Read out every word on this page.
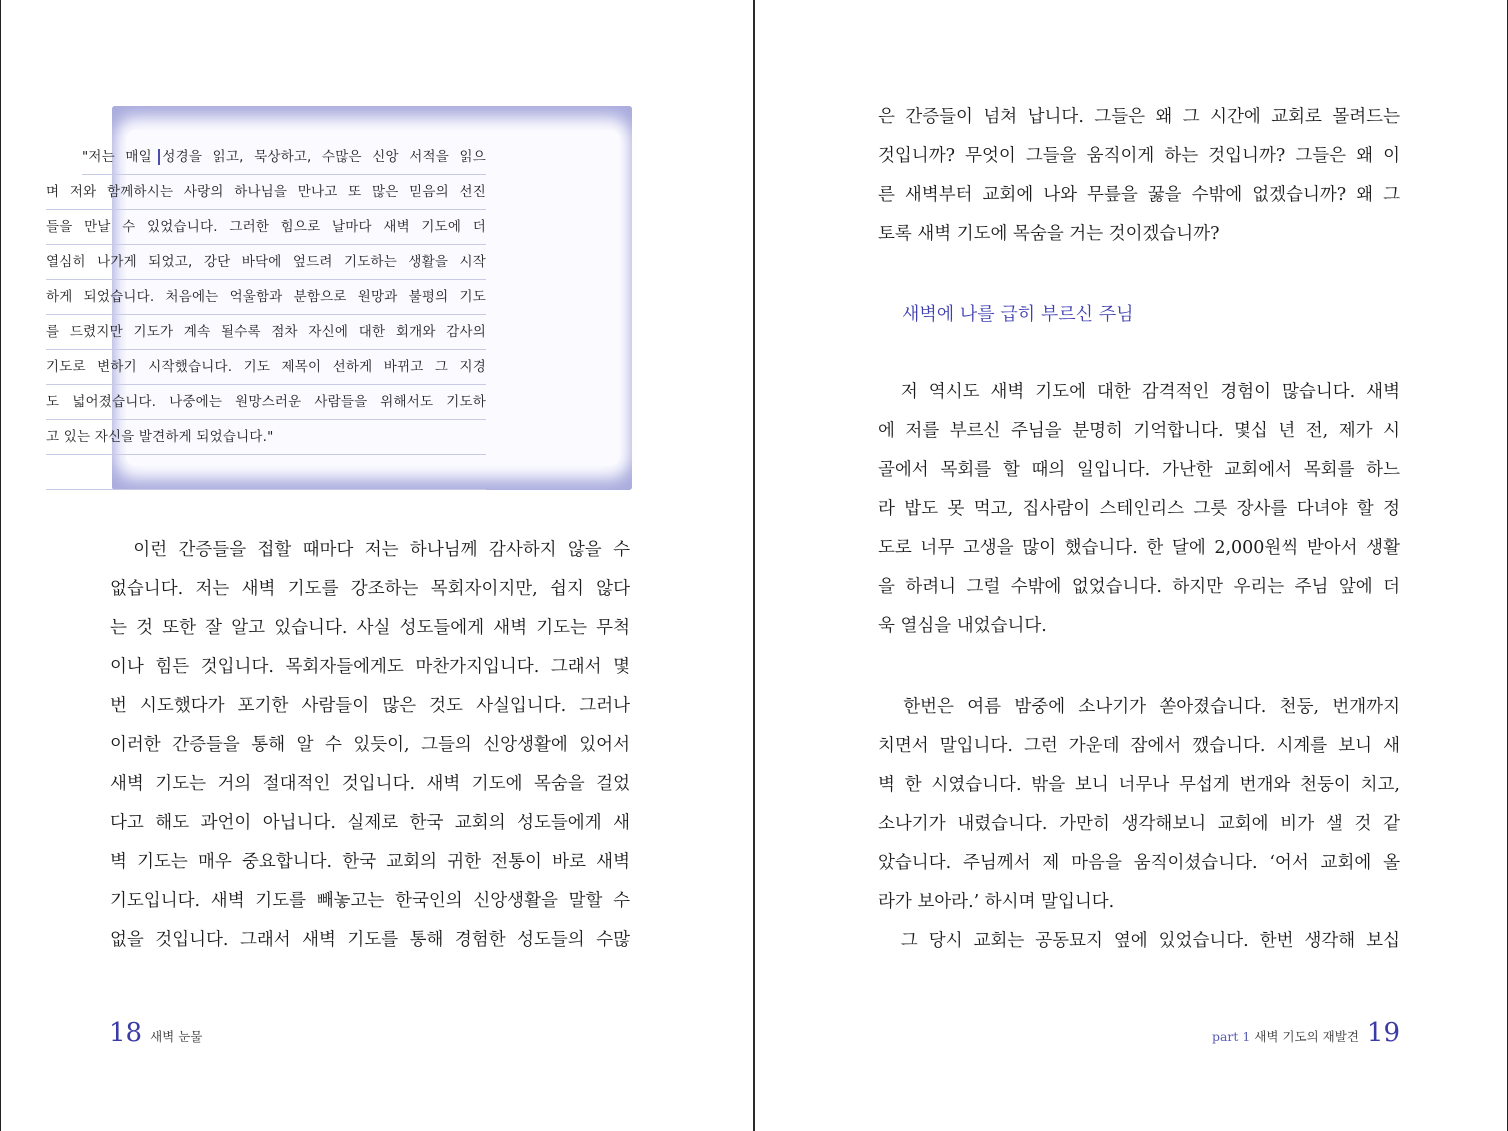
"저는 매일 성경을 읽고, 묵상하고, 수많은 신앙 서적을 읽으
며 저와 함께하시는 사랑의 하나님을 만나고 또 많은 믿음의 선진
들을 만날 수 있었습니다. 그러한 힘으로 날마다 새벽 기도에 더
열심히 나가게 되었고, 강단 바닥에 엎드려 기도하는 생활을 시작
하게 되었습니다. 처음에는 억울함과 분함으로 원망과 불평의 기도
를 드렸지만 기도가 계속 될수록 점차 자신에 대한 회개와 감사의
기도로 변하기 시작했습니다. 기도 제목이 선하게 바뀌고 그 지경
도 넓어졌습니다. 나중에는 원망스러운 사람들을 위해서도 기도하
고 있는 자신을 발견하게 되었습니다."
　이런 간증들을 접할 때마다 저는 하나님께 감사하지 않을 수
없습니다. 저는 새벽 기도를 강조하는 목회자이지만, 쉽지 않다
는 것 또한 잘 알고 있습니다. 사실 성도들에게 새벽 기도는 무척
이나 힘든 것입니다. 목회자들에게도 마찬가지입니다. 그래서 몇
번 시도했다가 포기한 사람들이 많은 것도 사실입니다. 그러나
이러한 간증들을 통해 알 수 있듯이, 그들의 신앙생활에 있어서
새벽 기도는 거의 절대적인 것입니다. 새벽 기도에 목숨을 걸었
다고 해도 과언이 아닙니다. 실제로 한국 교회의 성도들에게 새
벽 기도는 매우 중요합니다. 한국 교회의 귀한 전통이 바로 새벽
기도입니다. 새벽 기도를 빼놓고는 한국인의 신앙생활을 말할 수
없을 것입니다. 그래서 새벽 기도를 통해 경험한 성도들의 수많
18 새벽 눈물
은 간증들이 넘쳐 납니다. 그들은 왜 그 시간에 교회로 몰려드는
것입니까? 무엇이 그들을 움직이게 하는 것입니까? 그들은 왜 이
른 새벽부터 교회에 나와 무릎을 꿇을 수밖에 없겠습니까? 왜 그
토록 새벽 기도에 목숨을 거는 것이겠습니까?
새벽에 나를 급히 부르신 주님
　저 역시도 새벽 기도에 대한 감격적인 경험이 많습니다. 새벽
에 저를 부르신 주님을 분명히 기억합니다. 몇십 년 전, 제가 시
골에서 목회를 할 때의 일입니다. 가난한 교회에서 목회를 하느
라 밥도 못 먹고, 집사람이 스테인리스 그릇 장사를 다녀야 할 정
도로 너무 고생을 많이 했습니다. 한 달에 2,000원씩 받아서 생활
을 하려니 그럴 수밖에 없었습니다. 하지만 우리는 주님 앞에 더
욱 열심을 내었습니다.
　한번은 여름 밤중에 소나기가 쏟아졌습니다. 천둥, 번개까지
치면서 말입니다. 그런 가운데 잠에서 깼습니다. 시계를 보니 새
벽 한 시였습니다. 밖을 보니 너무나 무섭게 번개와 천둥이 치고,
소나기가 내렸습니다. 가만히 생각해보니 교회에 비가 샐 것 같
았습니다. 주님께서 제 마음을 움직이셨습니다. ‘어서 교회에 올
라가 보아라.’ 하시며 말입니다.
　그 당시 교회는 공동묘지 옆에 있었습니다. 한번 생각해 보십
part 1 새벽 기도의 재발견 19
